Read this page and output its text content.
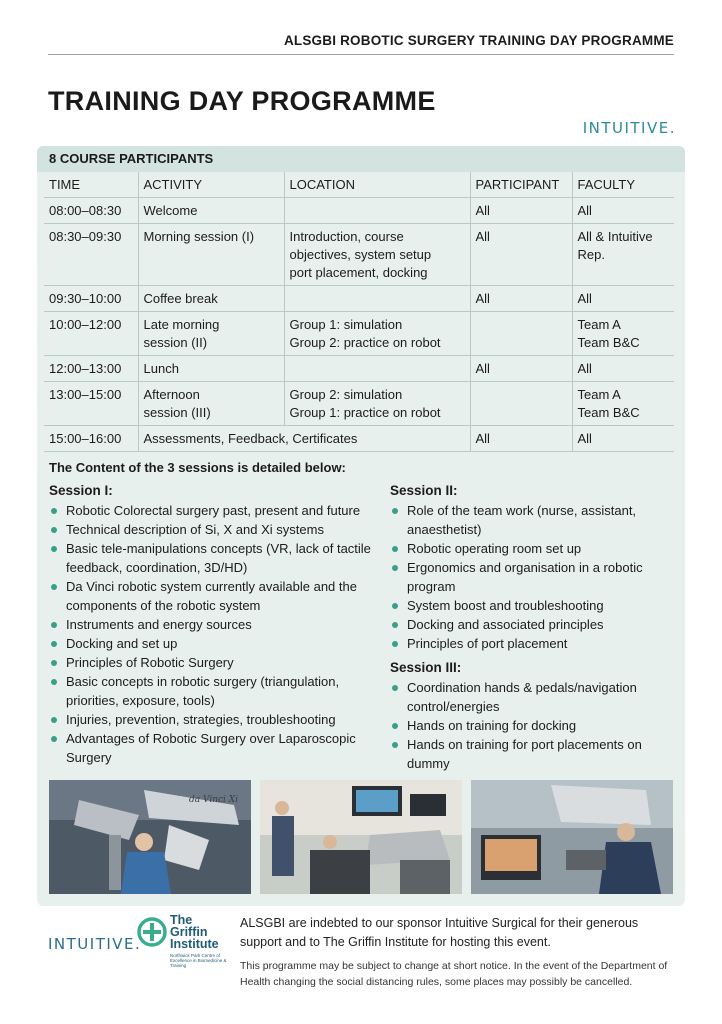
ALSGBI ROBOTIC SURGERY TRAINING DAY PROGRAMME
TRAINING DAY PROGRAMME
INTUITIVE.
8 COURSE PARTICIPANTS
TIME	ACTIVITY	LOCATION	PARTICIPANT	FACULTY
08:00–08:30	Welcome		All	All

08:30–09:30	Morning session (I)	Introduction, course
objectives, system setup
port placement, docking	All	All & Intuitive
Rep.

09:30–10:00	Coffee break		All	All

10:00–12:00	Late morning
session (II)	Group 1: simulation
Group 2: practice on robot		Team A
Team B&C

12:00–13:00	Lunch		All	All

13:00–15:00	Afternoon
session (III)	Group 2: simulation
Group 1: practice on robot		Team A
Team B&C

15:00–16:00	Assessments, Feedback, Certificates		All	All
The Content of the 3 sessions is detailed below:
Session I:
Robotic Colorectal surgery past, present and future
Technical description of Si, X and Xi systems
Basic tele-manipulations concepts (VR, lack of tactile feedback, coordination, 3D/HD)
Da Vinci robotic system currently available and the components of the robotic system
Instruments and energy sources
Docking and set up
Principles of Robotic Surgery
Basic concepts in robotic surgery (triangulation, priorities, exposure, tools)
Injuries, prevention, strategies, troubleshooting
Advantages of Robotic Surgery over Laparoscopic Surgery
Session II:
Role of the team work (nurse, assistant, anaesthetist)
Robotic operating room set up
Ergonomics and organisation in a robotic program
System boost and troubleshooting
Docking and associated principles
Principles of port placement
Session III:
Coordination hands & pedals/navigation control/energies
Hands on training for docking
Hands on training for port placements on dummy
da Vinci Xi
INTUITIVE.
The
Griffin
Institute
Northwick Park Centre of Excellence in Biomedicine & Training

ALSGBI are indebted to our sponsor Intuitive Surgical for their generous support and to The Griffin Institute for hosting this event.

This programme may be subject to change at short notice. In the event of the Department of Health changing the social distancing rules, some places may possibly be cancelled.
